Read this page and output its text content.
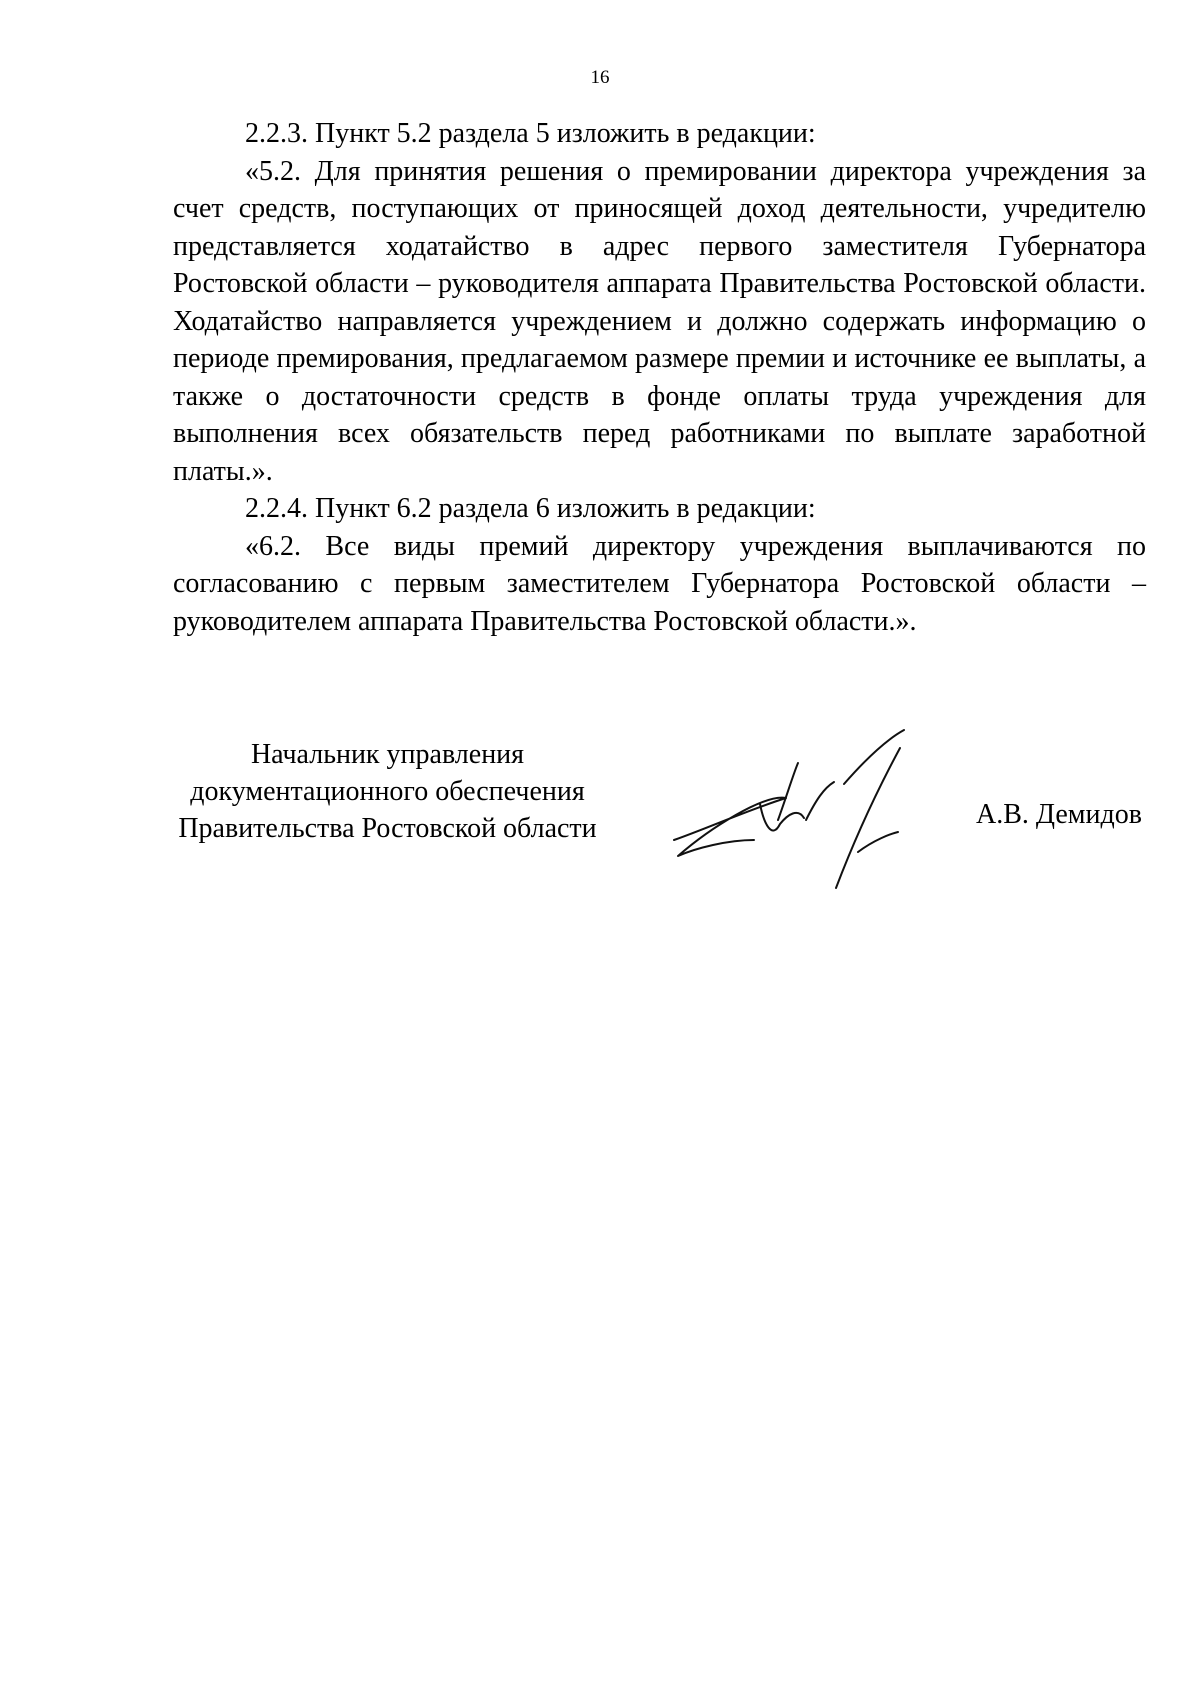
16

2.2.3. Пункт 5.2 раздела 5 изложить в редакции:

«5.2. Для принятия решения о премировании директора учреждения за счет средств, поступающих от приносящей доход деятельности, учредителю представляется ходатайство в адрес первого заместителя Губернатора Ростовской области – руководителя аппарата Правительства Ростовской области. Ходатайство направляется учреждением и должно содержать информацию о периоде премирования, предлагаемом размере премии и источнике ее выплаты, а также о достаточности средств в фонде оплаты труда учреждения для выполнения всех обязательств перед работниками по выплате заработной платы.».

2.2.4. Пункт 6.2 раздела 6 изложить в редакции:

«6.2. Все виды премий директору учреждения выплачиваются по согласованию с первым заместителем Губернатора Ростовской области – руководителем аппарата Правительства Ростовской области.».

Начальник управления
документационного обеспечения
Правительства Ростовской области	А.В. Демидов
